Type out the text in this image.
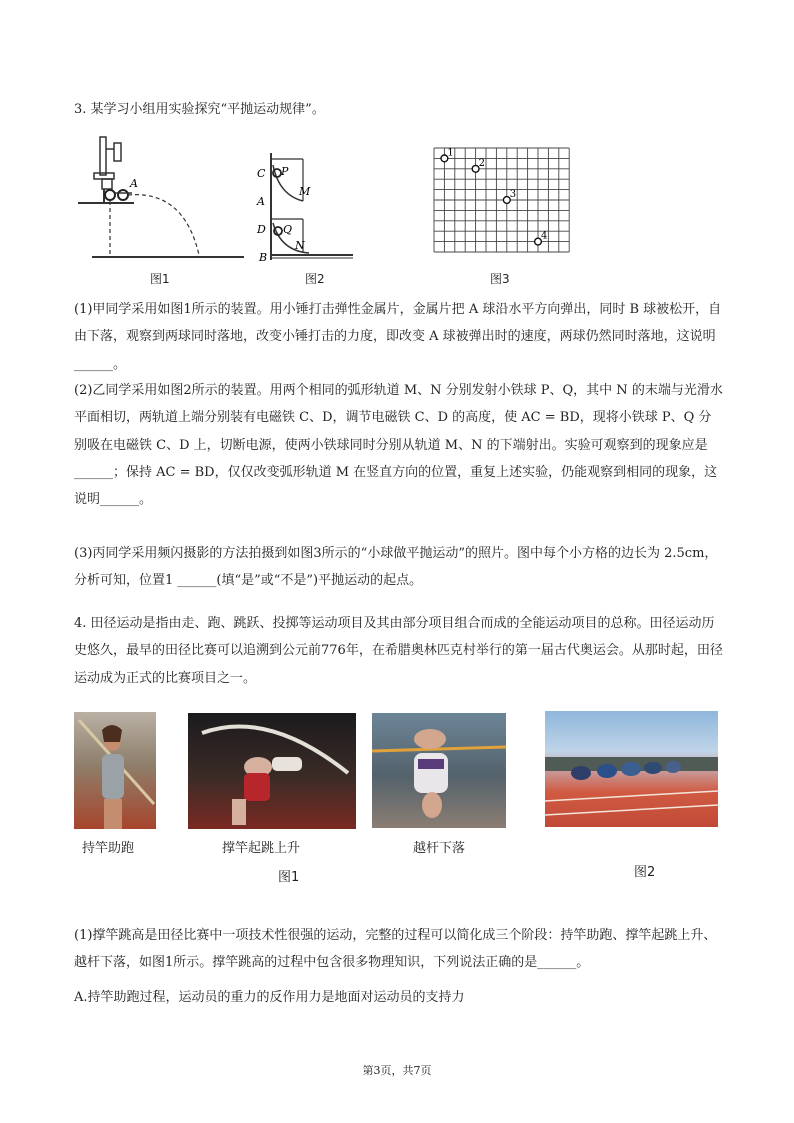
3. 某学习小组用实验探究“平抛运动规律”。
A
图1
C P
M
A
D Q
N
B
图2
1
2
3
4
图3
(1)甲同学采用如图1所示的装置。用小锤打击弹性金属片，金属片把 A 球沿水平方向弹出，同时 B 球被松开，自由下落，观察到两球同时落地，改变小锤打击的力度，即改变 A 球被弹出时的速度，两球仍然同时落地，这说明______。
(2)乙同学采用如图2所示的装置。用两个相同的弧形轨道 M、N 分别发射小铁球 P、Q，其中 N 的末端与光滑水平面相切，两轨道上端分别装有电磁铁 C、D，调节电磁铁 C、D 的高度，使 AC = BD，现将小铁球 P、Q 分别吸在电磁铁 C、D 上，切断电源，使两小铁球同时分别从轨道 M、N 的下端射出。实验可观察到的现象应是______；保持 AC = BD，仅仅改变弧形轨道 M 在竖直方向的位置，重复上述实验，仍能观察到相同的现象，这说明______。
(3)丙同学采用频闪摄影的方法拍摄到如图3所示的“小球做平抛运动”的照片。图中每个小方格的边长为 2.5cm，分析可知，位置1 ______(填“是”或“不是”)平抛运动的起点。
4. 田径运动是指由走、跑、跳跃、投掷等运动项目及其由部分项目组合而成的全能运动项目的总称。田径运动历史悠久，最早的田径比赛可以追溯到公元前776年，在希腊奥林匹克村举行的第一届古代奥运会。从那时起，田径运动成为正式的比赛项目之一。
持竿助跑	撑竿起跳上升	越杆下落
图1	图2
(1)撑竿跳高是田径比赛中一项技术性很强的运动，完整的过程可以简化成三个阶段：持竿助跑、撑竿起跳上升、越杆下落，如图1所示。撑竿跳高的过程中包含很多物理知识，下列说法正确的是______。
A.持竿助跑过程，运动员的重力的反作用力是地面对运动员的支持力
第3页，共7页
